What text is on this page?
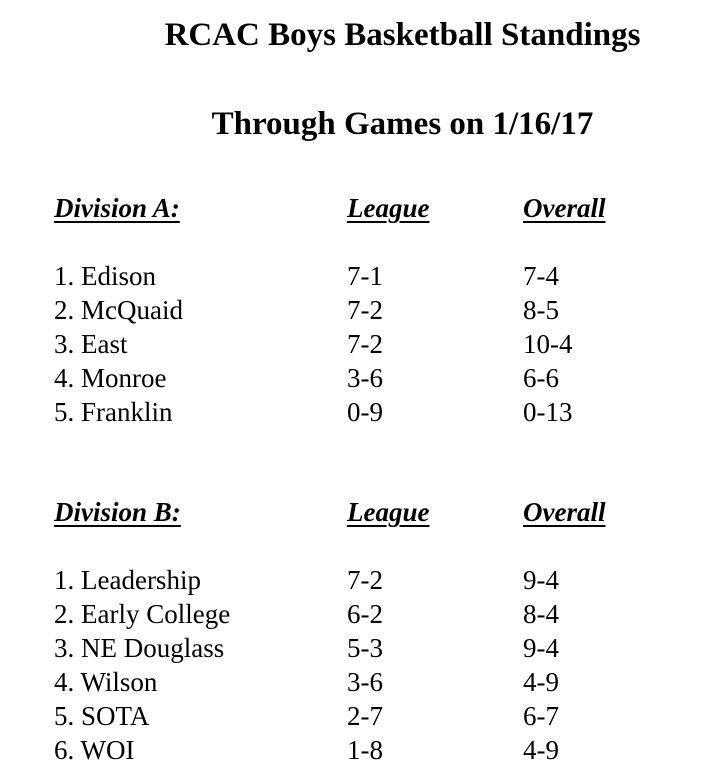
RCAC Boys Basketball Standings
Through Games on 1/16/17
Division A:	League	Overall
1. Edison	7-1	7-4
2. McQuaid	7-2	8-5
3. East	7-2	10-4
4. Monroe	3-6	6-6
5. Franklin	0-9	0-13
Division B:	League	Overall
1. Leadership	7-2	9-4
2. Early College	6-2	8-4
3. NE Douglass	5-3	9-4
4. Wilson	3-6	4-9
5. SOTA	2-7	6-7
6. WOI	1-8	4-9
